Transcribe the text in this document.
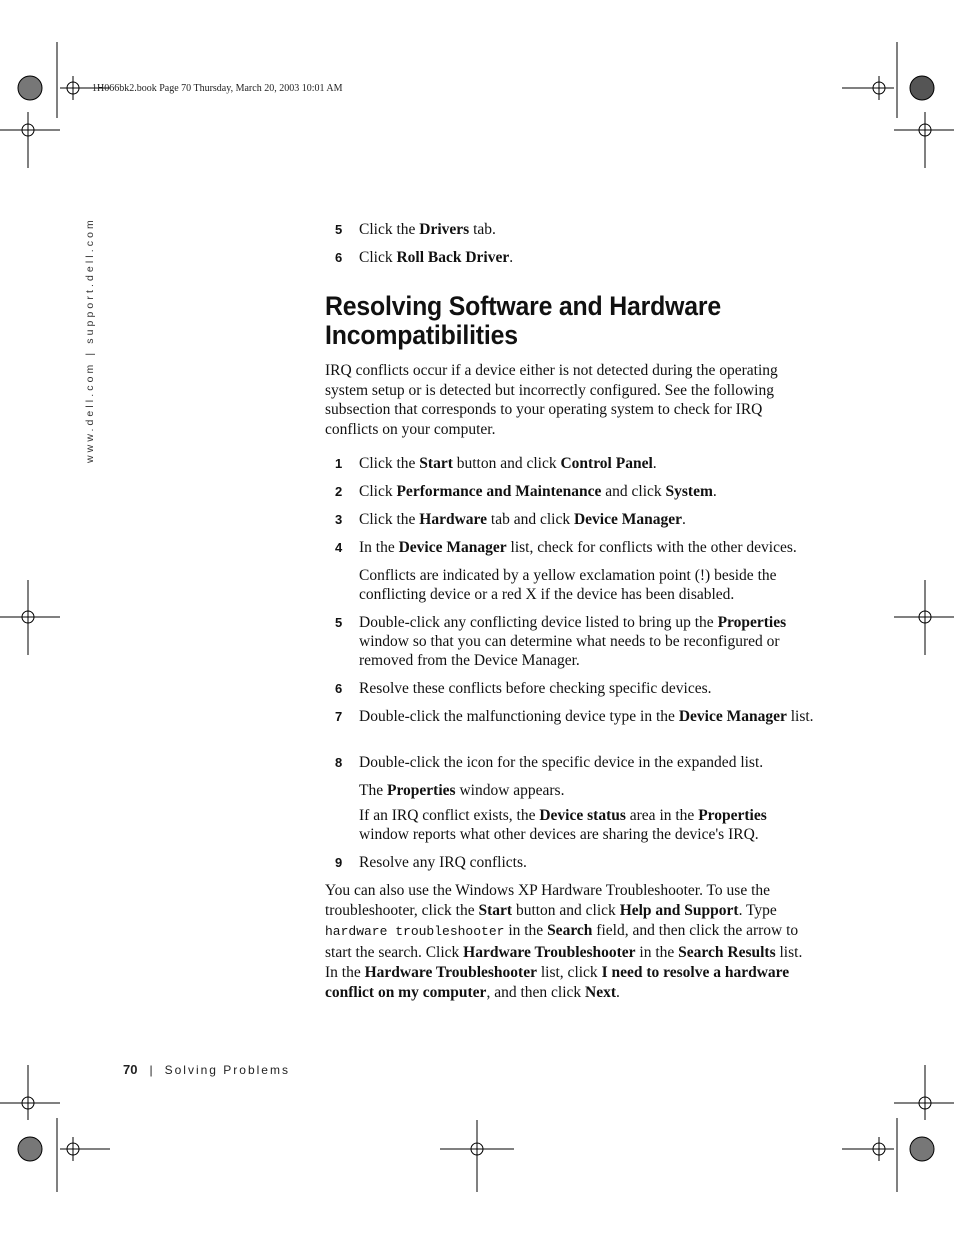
1H066bk2.book Page 70 Thursday, March 20, 2003 10:01 AM
www.dell.com | support.dell.com	5 Click the Drivers tab.
6 Click Roll Back Driver.
Resolving Software and Hardware
Incompatibilities
IRQ conflicts occur if a device either is not detected during the operating system setup or is detected but incorrectly configured. See the following subsection that corresponds to your operating system to check for IRQ conflicts on your computer.
1 Click the Start button and click Control Panel.
2 Click Performance and Maintenance and click System.
3 Click the Hardware tab and click Device Manager.
4 In the Device Manager list, check for conflicts with the other devices.
Conflicts are indicated by a yellow exclamation point (!) beside the conflicting device or a red X if the device has been disabled.
5 Double-click any conflicting device listed to bring up the Properties window so that you can determine what needs to be reconfigured or removed from the Device Manager.
6 Resolve these conflicts before checking specific devices.
7 Double-click the malfunctioning device type in the Device Manager list.
8 Double-click the icon for the specific device in the expanded list.
The Properties window appears.
If an IRQ conflict exists, the Device status area in the Properties window reports what other devices are sharing the device's IRQ.
9 Resolve any IRQ conflicts.
You can also use the Windows XP Hardware Troubleshooter. To use the troubleshooter, click the Start button and click Help and Support. Type hardware troubleshooter in the Search field, and then click the arrow to start the search. Click Hardware Troubleshooter in the Search Results list. In the Hardware Troubleshooter list, click I need to resolve a hardware conflict on my computer, and then click Next.
70 | Solving Problems
